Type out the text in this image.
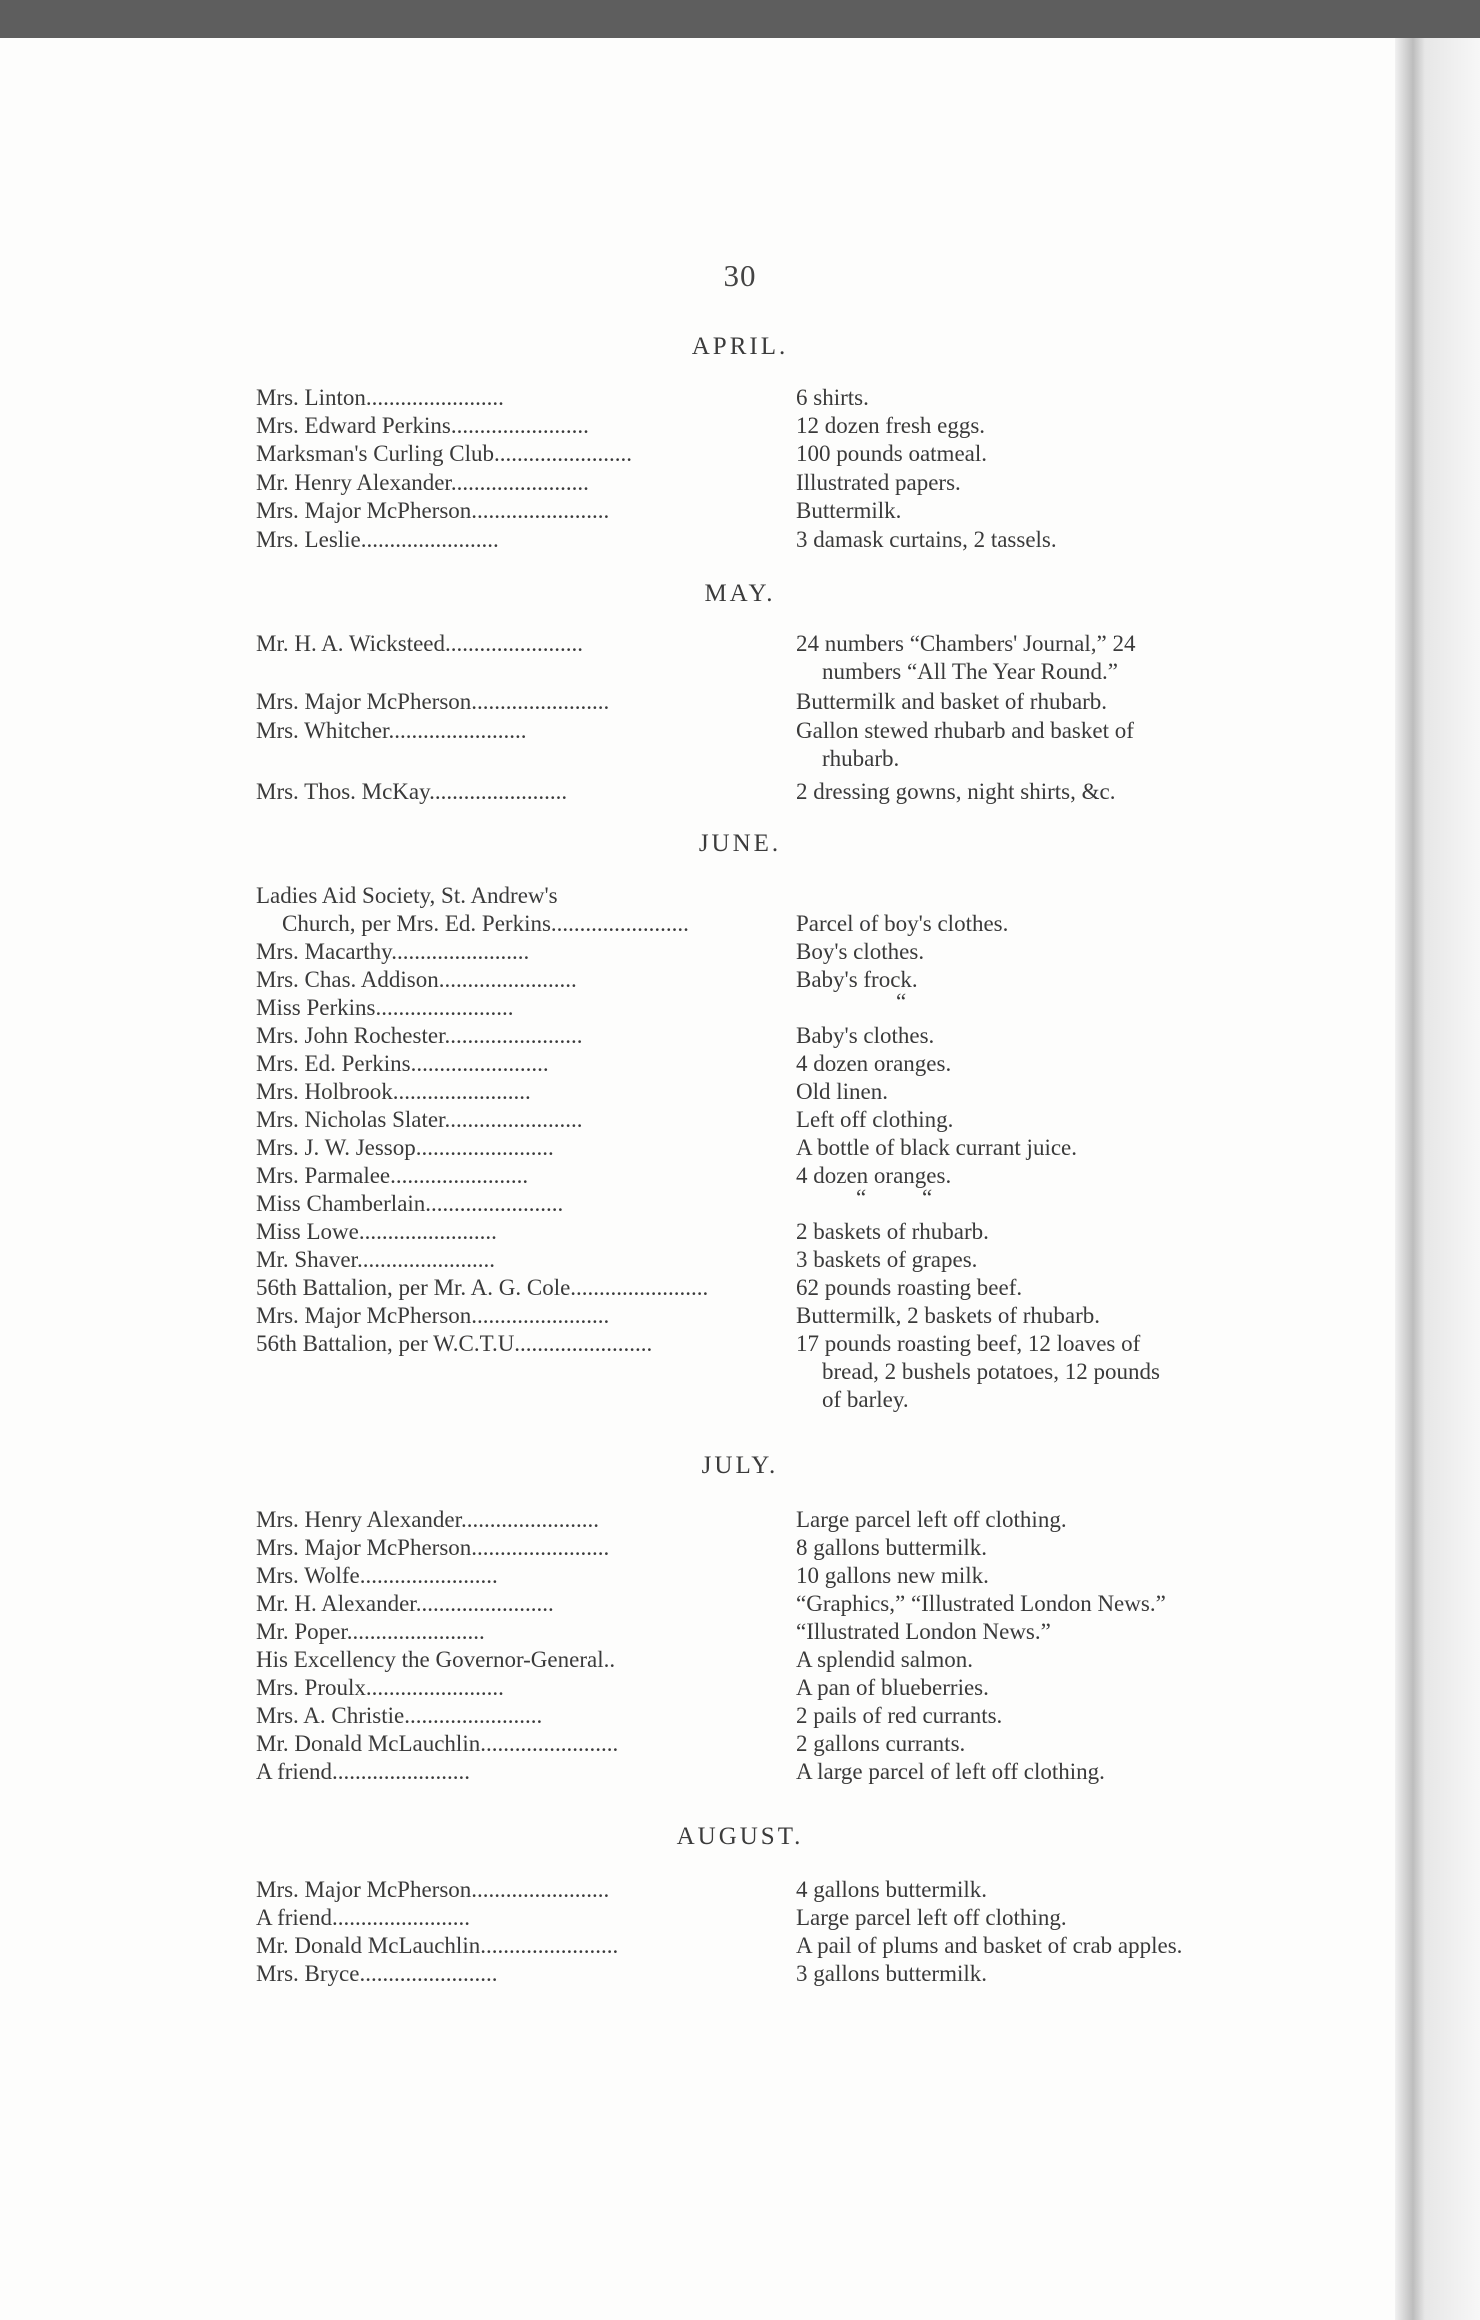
30
APRIL.
Mrs. Linton........................	6 shirts.
Mrs. Edward Perkins........................	12 dozen fresh eggs.
Marksman's Curling Club........................	100 pounds oatmeal.
Mr. Henry Alexander........................	Illustrated papers.
Mrs. Major McPherson........................	Buttermilk.
Mrs. Leslie........................	3 damask curtains, 2 tassels.
MAY.
Mr. H. A. Wicksteed........................	24 numbers “Chambers' Journal,” 24
numbers “All The Year Round.”
Mrs. Major McPherson........................	Buttermilk and basket of rhubarb.
Mrs. Whitcher........................	Gallon stewed rhubarb and basket of
rhubarb.
Mrs. Thos. McKay........................	2 dressing gowns, night shirts, &c.
JUNE.
Ladies Aid Society, St. Andrew's
Church, per Mrs. Ed. Perkins........................	Parcel of boy's clothes.
Mrs. Macarthy........................	Boy's clothes.
Mrs. Chas. Addison........................	Baby's frock.
Miss Perkins........................	“
Mrs. John Rochester........................	Baby's clothes.
Mrs. Ed. Perkins........................	4 dozen oranges.
Mrs. Holbrook........................	Old linen.
Mrs. Nicholas Slater........................	Left off clothing.
Mrs. J. W. Jessop........................	A bottle of black currant juice.
Mrs. Parmalee........................	4 dozen oranges.
Miss Chamberlain........................	“ “
Miss Lowe........................	2 baskets of rhubarb.
Mr. Shaver........................	3 baskets of grapes.
56th Battalion, per Mr. A. G. Cole........................	62 pounds roasting beef.
Mrs. Major McPherson........................	Buttermilk, 2 baskets of rhubarb.
56th Battalion, per W.C.T.U........................	17 pounds roasting beef, 12 loaves of
bread, 2 bushels potatoes, 12 pounds
of barley.
JULY.
Mrs. Henry Alexander........................	Large parcel left off clothing.
Mrs. Major McPherson........................	8 gallons buttermilk.
Mrs. Wolfe........................	10 gallons new milk.
Mr. H. Alexander........................	“Graphics,” “Illustrated London News.”
Mr. Poper........................	“Illustrated London News.”
His Excellency the Governor-General..	A splendid salmon.
Mrs. Proulx........................	A pan of blueberries.
Mrs. A. Christie........................	2 pails of red currants.
Mr. Donald McLauchlin........................	2 gallons currants.
A friend........................	A large parcel of left off clothing.
AUGUST.
Mrs. Major McPherson........................	4 gallons buttermilk.
A friend........................	Large parcel left off clothing.
Mr. Donald McLauchlin........................	A pail of plums and basket of crab apples.
Mrs. Bryce........................	3 gallons buttermilk.
